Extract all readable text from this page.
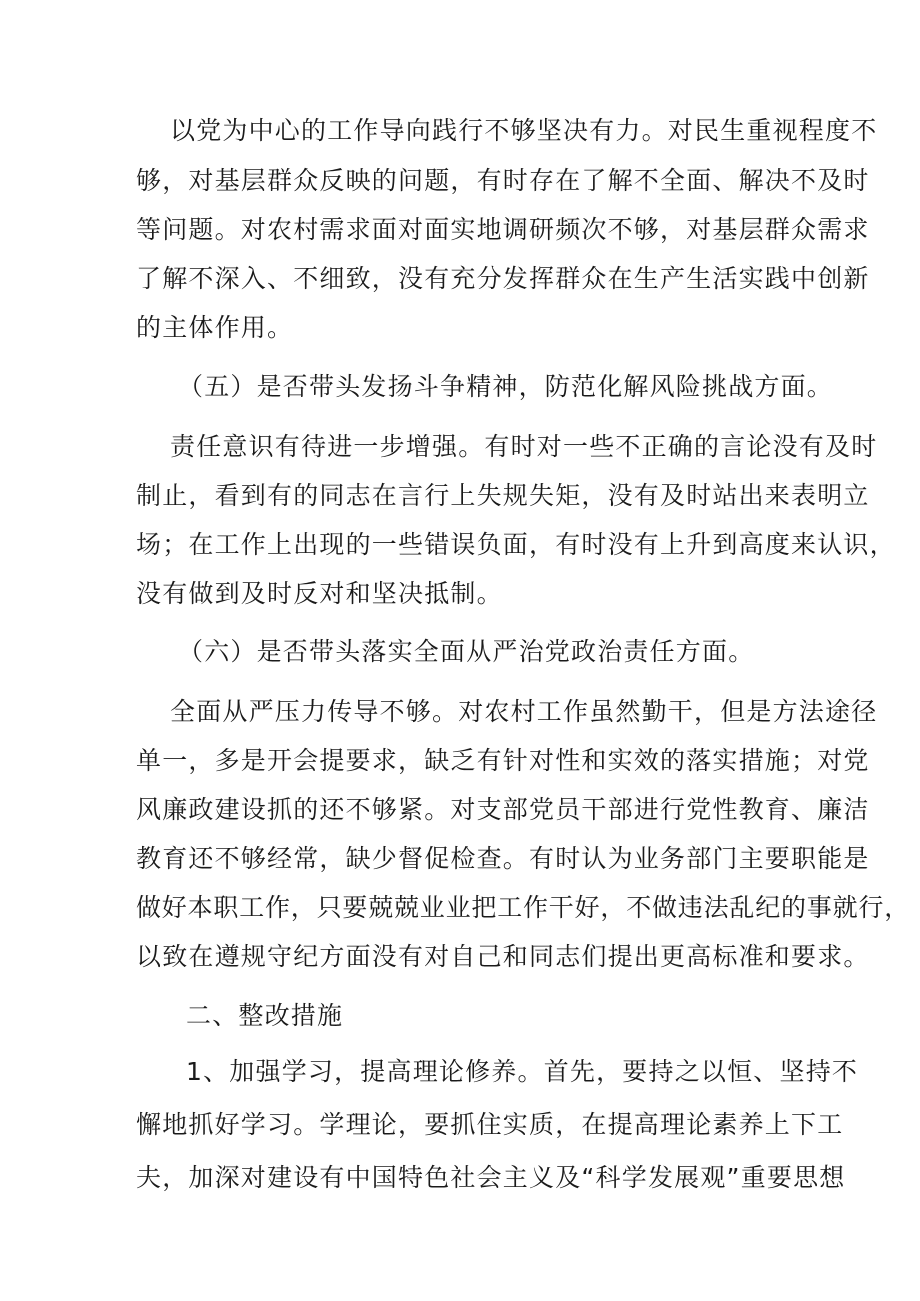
以党为中心的工作导向践行不够坚决有力。对民生重视程度不
够，对基层群众反映的问题，有时存在了解不全面、解决不及时
等问题。对农村需求面对面实地调研频次不够，对基层群众需求
了解不深入、不细致，没有充分发挥群众在生产生活实践中创新
的主体作用。
（五）是否带头发扬斗争精神，防范化解风险挑战方面。
责任意识有待进一步增强。有时对一些不正确的言论没有及时
制止，看到有的同志在言行上失规失矩，没有及时站出来表明立
场；在工作上出现的一些错误负面，有时没有上升到高度来认识，
没有做到及时反对和坚决抵制。
（六）是否带头落实全面从严治党政治责任方面。
全面从严压力传导不够。对农村工作虽然勤干，但是方法途径
单一，多是开会提要求，缺乏有针对性和实效的落实措施；对党
风廉政建设抓的还不够紧。对支部党员干部进行党性教育、廉洁
教育还不够经常，缺少督促检查。有时认为业务部门主要职能是
做好本职工作，只要兢兢业业把工作干好，不做违法乱纪的事就行，
以致在遵规守纪方面没有对自己和同志们提出更高标准和要求。
二、整改措施
1、加强学习，提高理论修养。首先，要持之以恒、坚持不
懈地抓好学习。学理论，要抓住实质，在提高理论素养上下工
夫，加深对建设有中国特色社会主义及“科学发展观”重要思想
